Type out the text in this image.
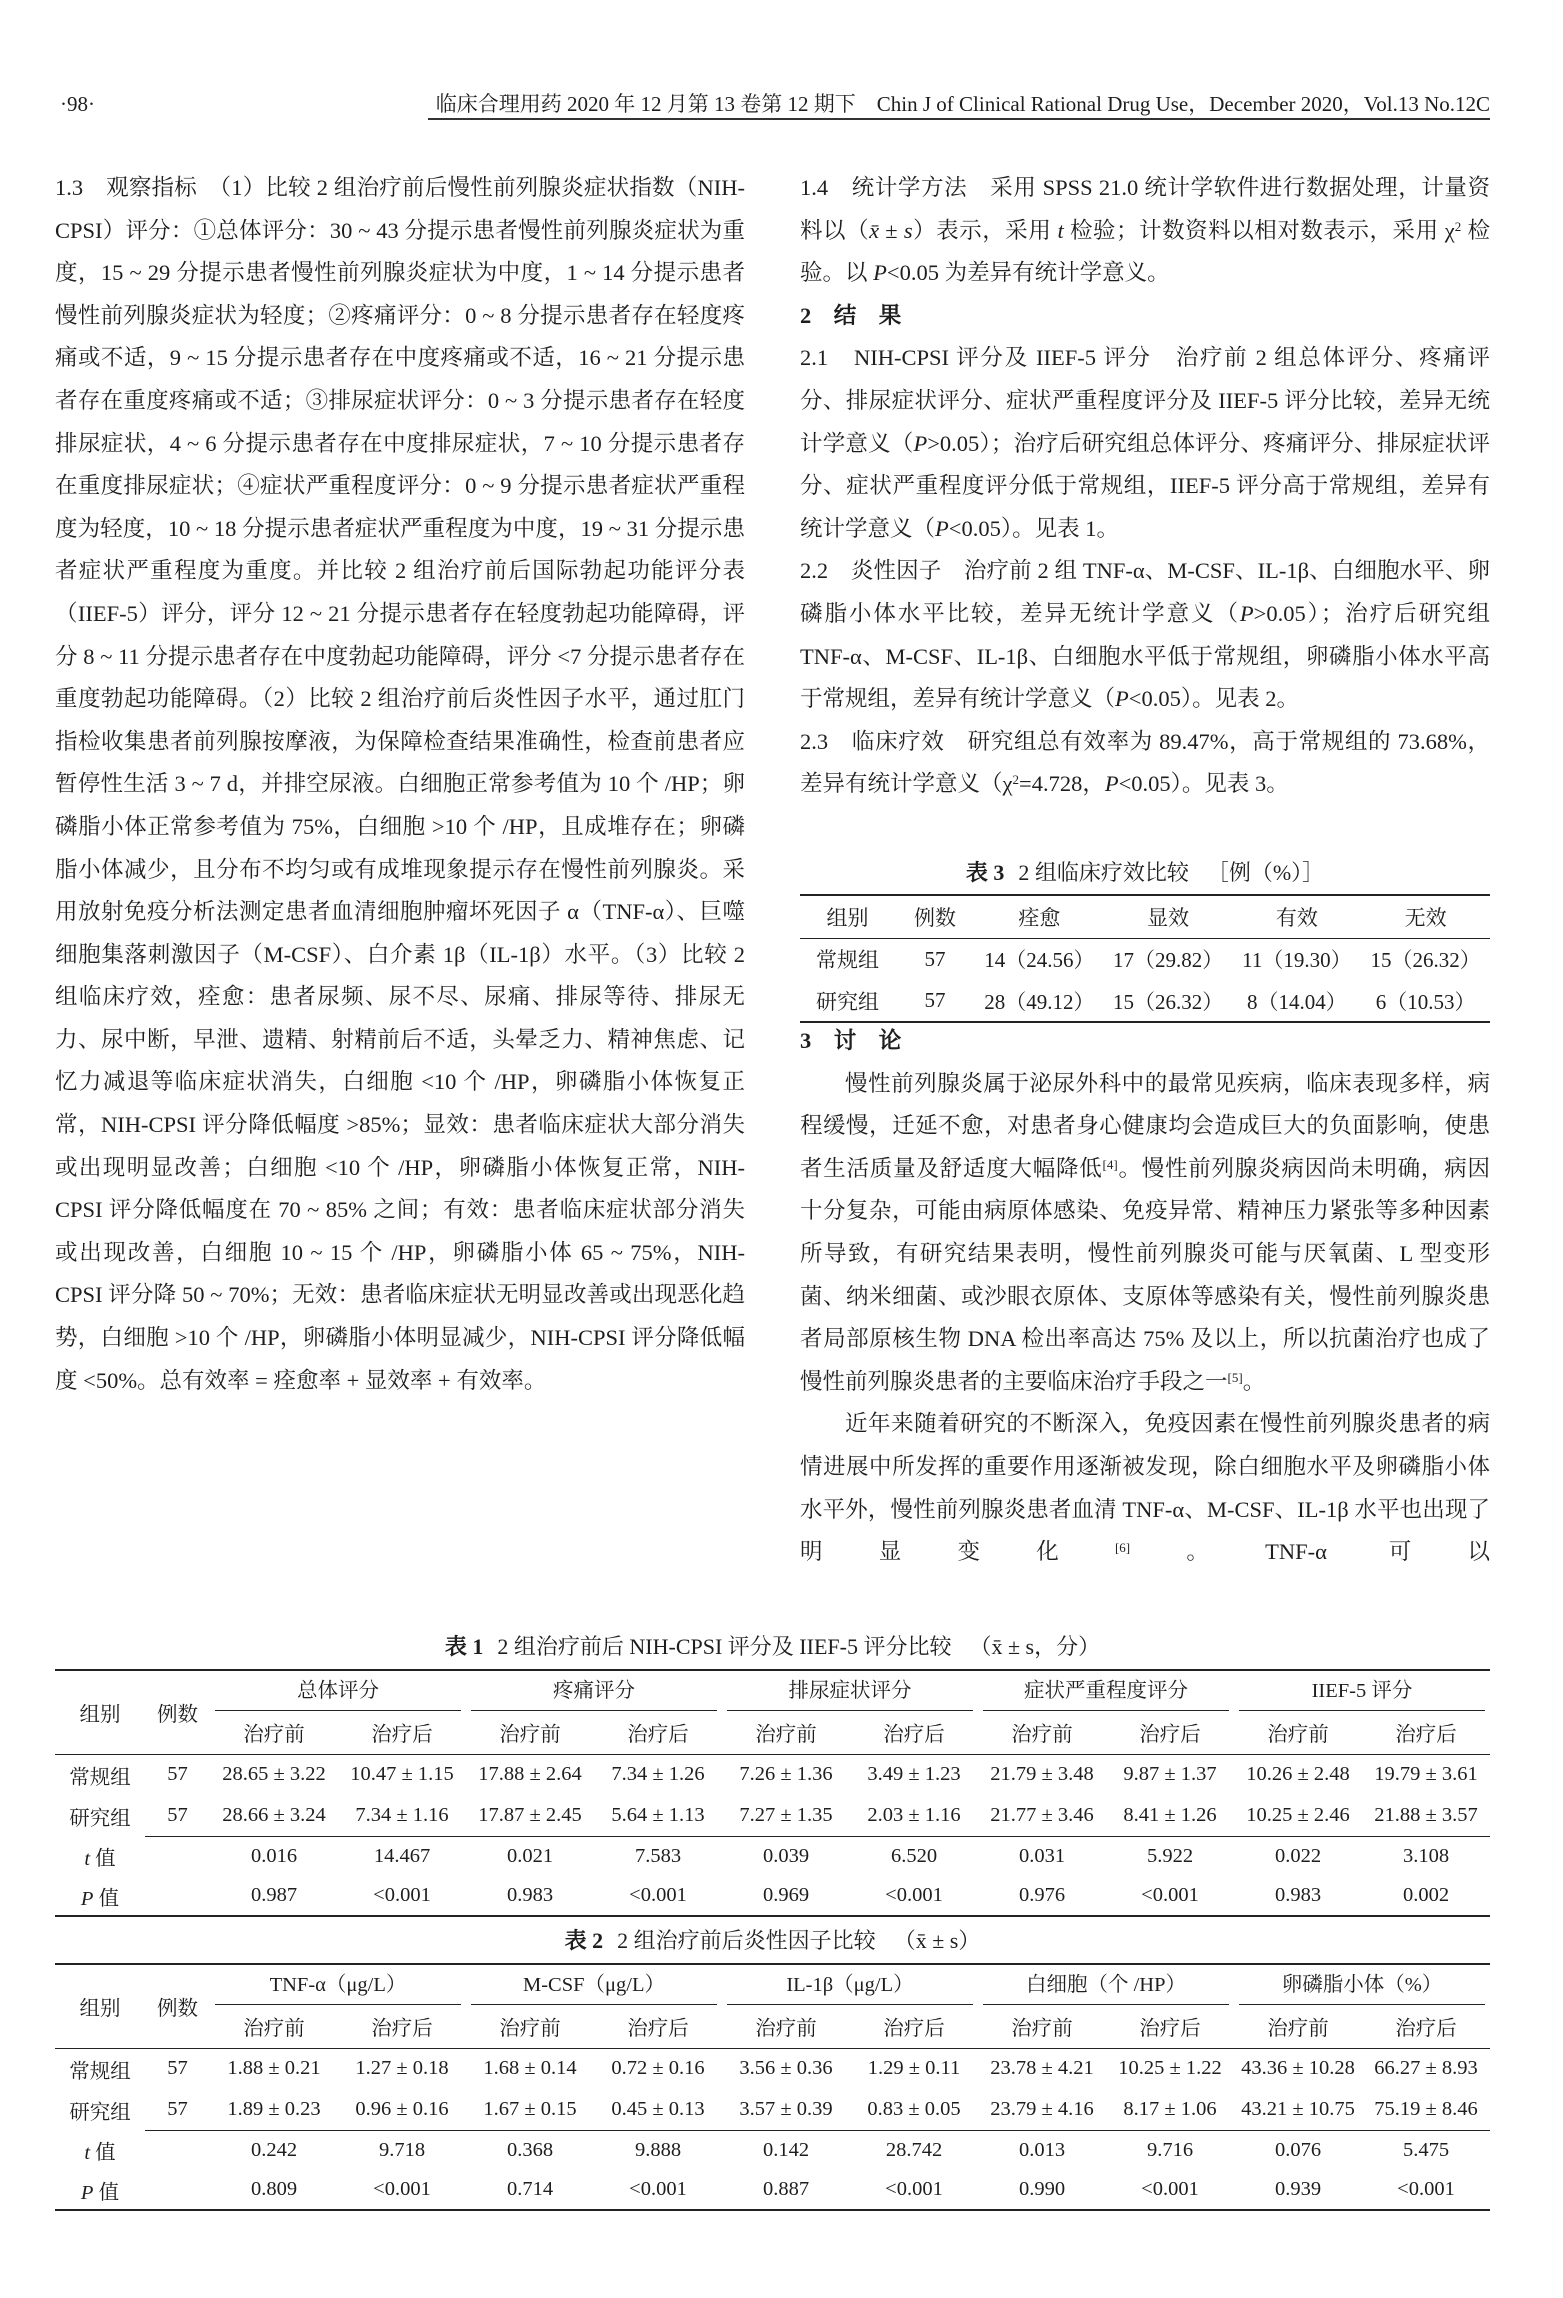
·98·	临床合理用药 2020 年 12 月第 13 卷第 12 期下　Chin J of Clinical Rational Drug Use，December 2020，Vol.13 No.12C

1.3　观察指标　（1）比较 2 组治疗前后慢性前列腺炎症状指数（NIH-CPSI）评分：①总体评分：30 ~ 43 分提示患者慢性前列腺炎症状为重度，15 ~ 29 分提示患者慢性前列腺炎症状为中度，1 ~ 14 分提示患者慢性前列腺炎症状为轻度；②疼痛评分：0 ~ 8 分提示患者存在轻度疼痛或不适，9 ~ 15 分提示患者存在中度疼痛或不适，16 ~ 21 分提示患者存在重度疼痛或不适；③排尿症状评分：0 ~ 3 分提示患者存在轻度排尿症状，4 ~ 6 分提示患者存在中度排尿症状，7 ~ 10 分提示患者存在重度排尿症状；④症状严重程度评分：0 ~ 9 分提示患者症状严重程度为轻度，10 ~ 18 分提示患者症状严重程度为中度，19 ~ 31 分提示患者症状严重程度为重度。并比较 2 组治疗前后国际勃起功能评分表（IIEF-5）评分，评分 12 ~ 21 分提示患者存在轻度勃起功能障碍，评分 8 ~ 11 分提示患者存在中度勃起功能障碍，评分 <7 分提示患者存在重度勃起功能障碍。（2）比较 2 组治疗前后炎性因子水平，通过肛门指检收集患者前列腺按摩液，为保障检查结果准确性，检查前患者应暂停性生活 3 ~ 7 d，并排空尿液。白细胞正常参考值为 10 个 /HP；卵磷脂小体正常参考值为 75%，白细胞 >10 个 /HP，且成堆存在；卵磷脂小体减少，且分布不均匀或有成堆现象提示存在慢性前列腺炎。采用放射免疫分析法测定患者血清细胞肿瘤坏死因子 α（TNF-α）、巨噬细胞集落刺激因子（M-CSF）、白介素 1β（IL-1β）水平。（3）比较 2 组临床疗效，痊愈：患者尿频、尿不尽、尿痛、排尿等待、排尿无力、尿中断，早泄、遗精、射精前后不适，头晕乏力、精神焦虑、记忆力减退等临床症状消失，白细胞 <10 个 /HP，卵磷脂小体恢复正常，NIH-CPSI 评分降低幅度 >85%；显效：患者临床症状大部分消失或出现明显改善；白细胞 <10 个 /HP，卵磷脂小体恢复正常，NIH-CPSI 评分降低幅度在 70 ~ 85% 之间；有效：患者临床症状部分消失或出现改善，白细胞 10 ~ 15 个 /HP，卵磷脂小体 65 ~ 75%，NIH-CPSI 评分降 50 ~ 70%；无效：患者临床症状无明显改善或出现恶化趋势，白细胞 >10 个 /HP，卵磷脂小体明显减少，NIH-CPSI 评分降低幅度 <50%。总有效率 = 痊愈率 + 显效率 + 有效率。

1.4　统计学方法　采用 SPSS 21.0 统计学软件进行数据处理，计量资料以（x̄ ± s）表示，采用 t 检验；计数资料以相对数表示，采用 $\chi^2$ 检验。以 P<0.05 为差异有统计学意义。

2　结　果

2.1　NIH-CPSI 评分及 IIEF-5 评分　治疗前 2 组总体评分、疼痛评分、排尿症状评分、症状严重程度评分及 IIEF-5 评分比较，差异无统计学意义（P>0.05）；治疗后研究组总体评分、疼痛评分、排尿症状评分、症状严重程度评分低于常规组，IIEF-5 评分高于常规组，差异有统计学意义（P<0.05）。见表 1。

2.2　炎性因子　治疗前 2 组 TNF-α、M-CSF、IL-1β、白细胞水平、卵磷脂小体水平比较，差异无统计学意义（P>0.05）；治疗后研究组 TNF-α、M-CSF、IL-1β、白细胞水平低于常规组，卵磷脂小体水平高于常规组，差异有统计学意义（P<0.05）。见表 2。

2.3　临床疗效　研究组总有效率为 89.47%，高于常规组的 73.68%，差异有统计学意义（$\chi^2=4.728$，P<0.05）。见表 3。

表 3 2 组临床疗效比较 ［例（%）］
组别	例数	痊愈	显效	有效	无效
常规组	57	14（24.56）	17（29.82）	11（19.30）	15（26.32）
研究组	57	28（49.12）	15（26.32）	8（14.04）	6（10.53）

3　讨　论

慢性前列腺炎属于泌尿外科中的最常见疾病，临床表现多样，病程缓慢，迁延不愈，对患者身心健康均会造成巨大的负面影响，使患者生活质量及舒适度大幅降低[4]。慢性前列腺炎病因尚未明确，病因十分复杂，可能由病原体感染、免疫异常、精神压力紧张等多种因素所导致，有研究结果表明，慢性前列腺炎可能与厌氧菌、L 型变形菌、纳米细菌、或沙眼衣原体、支原体等感染有关，慢性前列腺炎患者局部原核生物 DNA 检出率高达 75% 及以上，所以抗菌治疗也成了慢性前列腺炎患者的主要临床治疗手段之一[5]。

近年来随着研究的不断深入，免疫因素在慢性前列腺炎患者的病情进展中所发挥的重要作用逐渐被发现，除白细胞水平及卵磷脂小体水平外，慢性前列腺炎患者血清 TNF-α、M-CSF、IL-1β 水平也出现了明显变化[6]。TNF-α 可以

表 1 2 组治疗前后 NIH-CPSI 评分及 IIEF-5 评分比较 （x̄ ± s，分）
组别	例数	总体评分		疼痛评分		排尿症状评分		症状严重程度评分		IIEF-5 评分	

		治疗前	治疗后	治疗前	治疗后	治疗前	治疗后	治疗前	治疗后	治疗前	治疗后
常规组	57	28.65 ± 3.22	10.47 ± 1.15	17.88 ± 2.64	7.34 ± 1.26	7.26 ± 1.36	3.49 ± 1.23	21.79 ± 3.48	9.87 ± 1.37	10.26 ± 2.48	19.79 ± 3.61
研究组	57	28.66 ± 3.24	7.34 ± 1.16	17.87 ± 2.45	5.64 ± 1.13	7.27 ± 1.35	2.03 ± 1.16	21.77 ± 3.46	8.41 ± 1.26	10.25 ± 2.46	21.88 ± 3.57
t 值		0.016	14.467	0.021	7.583	0.039	6.520	0.031	5.922	0.022	3.108
P 值		0.987	<0.001	0.983	<0.001	0.969	<0.001	0.976	<0.001	0.983	0.002
表 2 2 组治疗前后炎性因子比较 （x̄ ± s）
组别	例数	TNF-α（μg/L）		M-CSF（μg/L）		IL-1β（μg/L）		白细胞（个 /HP）		卵磷脂小体（%）	

		治疗前	治疗后	治疗前	治疗后	治疗前	治疗后	治疗前	治疗后	治疗前	治疗后
常规组	57	1.88 ± 0.21	1.27 ± 0.18	1.68 ± 0.14	0.72 ± 0.16	3.56 ± 0.36	1.29 ± 0.11	23.78 ± 4.21	10.25 ± 1.22	43.36 ± 10.28	66.27 ± 8.93
研究组	57	1.89 ± 0.23	0.96 ± 0.16	1.67 ± 0.15	0.45 ± 0.13	3.57 ± 0.39	0.83 ± 0.05	23.79 ± 4.16	8.17 ± 1.06	43.21 ± 10.75	75.19 ± 8.46
t 值		0.242	9.718	0.368	9.888	0.142	28.742	0.013	9.716	0.076	5.475
P 值		0.809	<0.001	0.714	<0.001	0.887	<0.001	0.990	<0.001	0.939	<0.001
